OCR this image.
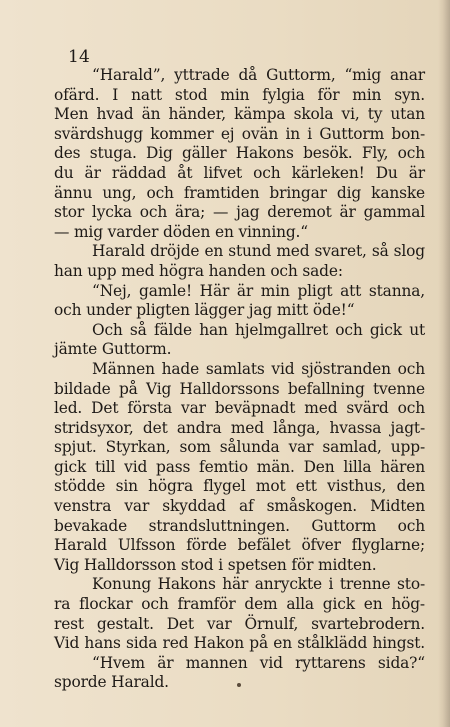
14
“Harald”, yttrade då Guttorm, “mig anar
ofärd. I natt stod min fylgia för min syn.
Men hvad än händer, kämpa skola vi, ty utan
svärdshugg kommer ej ovän in i Guttorm bon-
des stuga. Dig gäller Hakons besök. Fly, och
du är räddad åt lifvet och kärleken! Du är
ännu ung, och framtiden bringar dig kanske
stor lycka och ära; — jag deremot är gammal
— mig varder döden en vinning.“
Harald dröjde en stund med svaret, så slog
han upp med högra handen och sade:
“Nej, gamle! Här är min pligt att stanna,
och under pligten lägger jag mitt öde!“
Och så fälde han hjelmgallret och gick ut
jämte Guttorm.
Männen hade samlats vid sjöstranden och
bildade på Vig Halldorssons befallning tvenne
led. Det första var beväpnadt med svärd och
stridsyxor, det andra med långa, hvassa jagt-
spjut. Styrkan, som sålunda var samlad, upp-
gick till vid pass femtio män. Den lilla hären
stödde sin högra flygel mot ett visthus, den
venstra var skyddad af småskogen. Midten
bevakade strandsluttningen. Guttorm och
Harald Ulfsson förde befälet öfver flyglarne;
Vig Halldorsson stod i spetsen för midten.
Konung Hakons här anryckte i trenne sto-
ra flockar och framför dem alla gick en hög-
rest gestalt. Det var Örnulf, svartebrodern.
Vid hans sida red Hakon på en stålklädd hingst.
“Hvem är mannen vid ryttarens sida?“
sporde Harald.
